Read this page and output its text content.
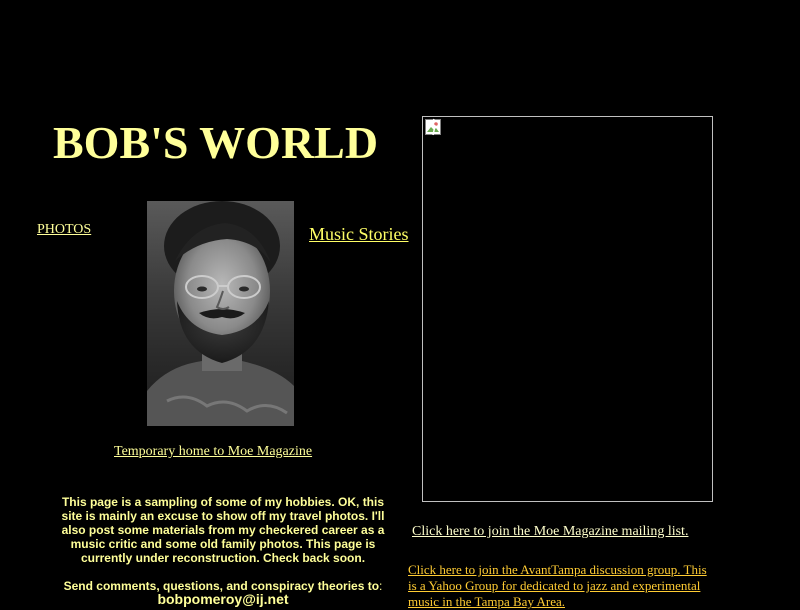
BOB'S WORLD
PHOTOS	Music Stories
Temporary home to Moe Magazine
This page is a sampling of some of my hobbies. OK, this site is mainly an excuse to show off my travel photos. I'll also post some materials from my checkered career as a music critic and some old family photos. This page is currently under reconstruction. Check back soon.
Send comments, questions, and conspiracy theories to:
bobpomeroy@ij.net
Click here to join the Moe Magazine mailing list.
Click here to join the AvantTampa discussion group. This is a Yahoo Group for dedicated to jazz and experimental music in the Tampa Bay Area.
